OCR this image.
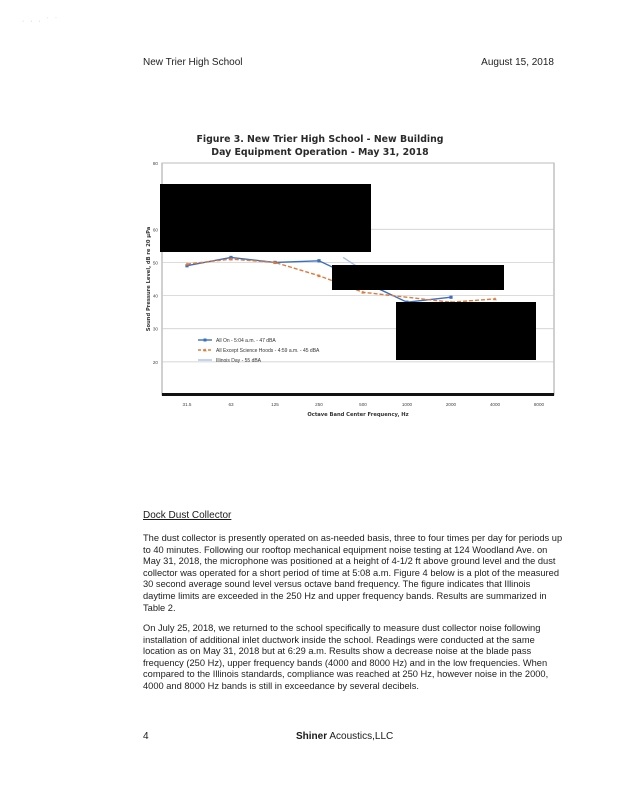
· · · ˙ ˙
New Trier High School	August 15, 2018
Figure 3. New Trier High School - New Building
Day Equipment Operation - May 31, 2018
20
30
40
50
60
80
31.5	63	125	250	500	1000	2000	4000	8000
Octave Band Center Frequency, Hz
Sound Pressure Level, dB re 20 μPa
All On - 5:04 a.m. - 47 dBA
All Except Science Hoods - 4:59 a.m. - 45 dBA
Illinois Day - 55 dBA
Dock Dust Collector

The dust collector is presently operated on as-needed basis, three to four times per day for periods up to 40 minutes. Following our rooftop mechanical equipment noise testing at 124 Woodland Ave. on May 31, 2018, the microphone was positioned at a height of 4-1/2 ft above ground level and the dust collector was operated for a short period of time at 5:08 a.m. Figure 4 below is a plot of the measured 30 second average sound level versus octave band frequency. The figure indicates that Illinois daytime limits are exceeded in the 250 Hz and upper frequency bands. Results are summarized in Table 2.

On July 25, 2018, we returned to the school specifically to measure dust collector noise following installation of additional inlet ductwork inside the school. Readings were conducted at the same location as on May 31, 2018 but at 6:29 a.m. Results show a decrease noise at the blade pass frequency (250 Hz), upper frequency bands (4000 and 8000 Hz) and in the low frequencies. When compared to the Illinois standards, compliance was reached at 250 Hz, however noise in the 2000, 4000 and 8000 Hz bands is still in exceedance by several decibels.

4	Shiner Acoustics,LLC
